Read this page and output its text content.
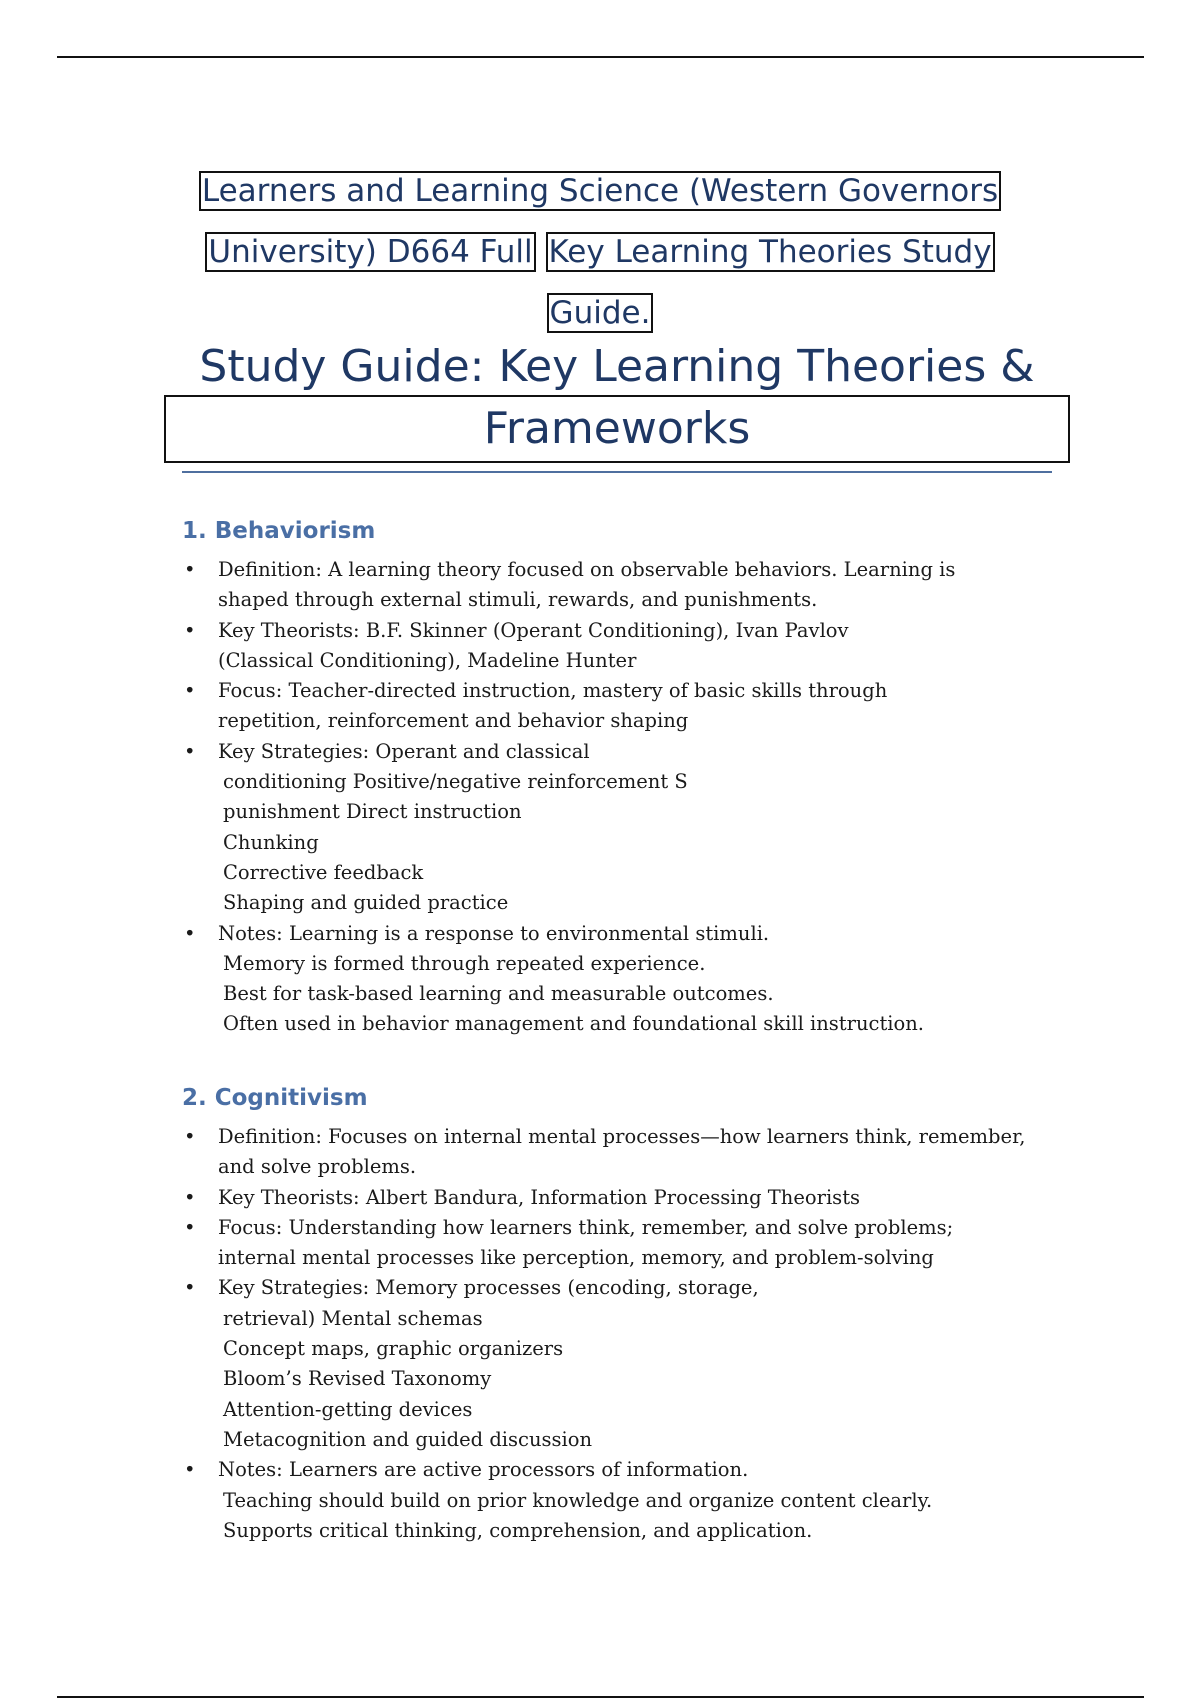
Learners and Learning Science (Western Governors
University) D664 Full Key Learning Theories Study
Guide.
Study Guide: Key Learning Theories &
Frameworks
1. Behaviorism
• Definition: A learning theory focused on observable behaviors. Learning is
shaped through external stimuli, rewards, and punishments.
• Key Theorists: B.F. Skinner (Operant Conditioning), Ivan Pavlov
(Classical Conditioning), Madeline Hunter
• Focus: Teacher-directed instruction, mastery of basic skills through
repetition, reinforcement and behavior shaping
• Key Strategies: Operant and classical
conditioning Positive/negative reinforcement S
punishment Direct instruction
Chunking
Corrective feedback
Shaping and guided practice
• Notes: Learning is a response to environmental stimuli.
Memory is formed through repeated experience.
Best for task-based learning and measurable outcomes.
Often used in behavior management and foundational skill instruction.
2. Cognitivism
• Definition: Focuses on internal mental processes—how learners think, remember,
and solve problems.
• Key Theorists: Albert Bandura, Information Processing Theorists
• Focus: Understanding how learners think, remember, and solve problems;
internal mental processes like perception, memory, and problem-solving
• Key Strategies: Memory processes (encoding, storage,
retrieval) Mental schemas
Concept maps, graphic organizers
Bloom’s Revised Taxonomy
Attention-getting devices
Metacognition and guided discussion
• Notes: Learners are active processors of information.
Teaching should build on prior knowledge and organize content clearly.
Supports critical thinking, comprehension, and application.
